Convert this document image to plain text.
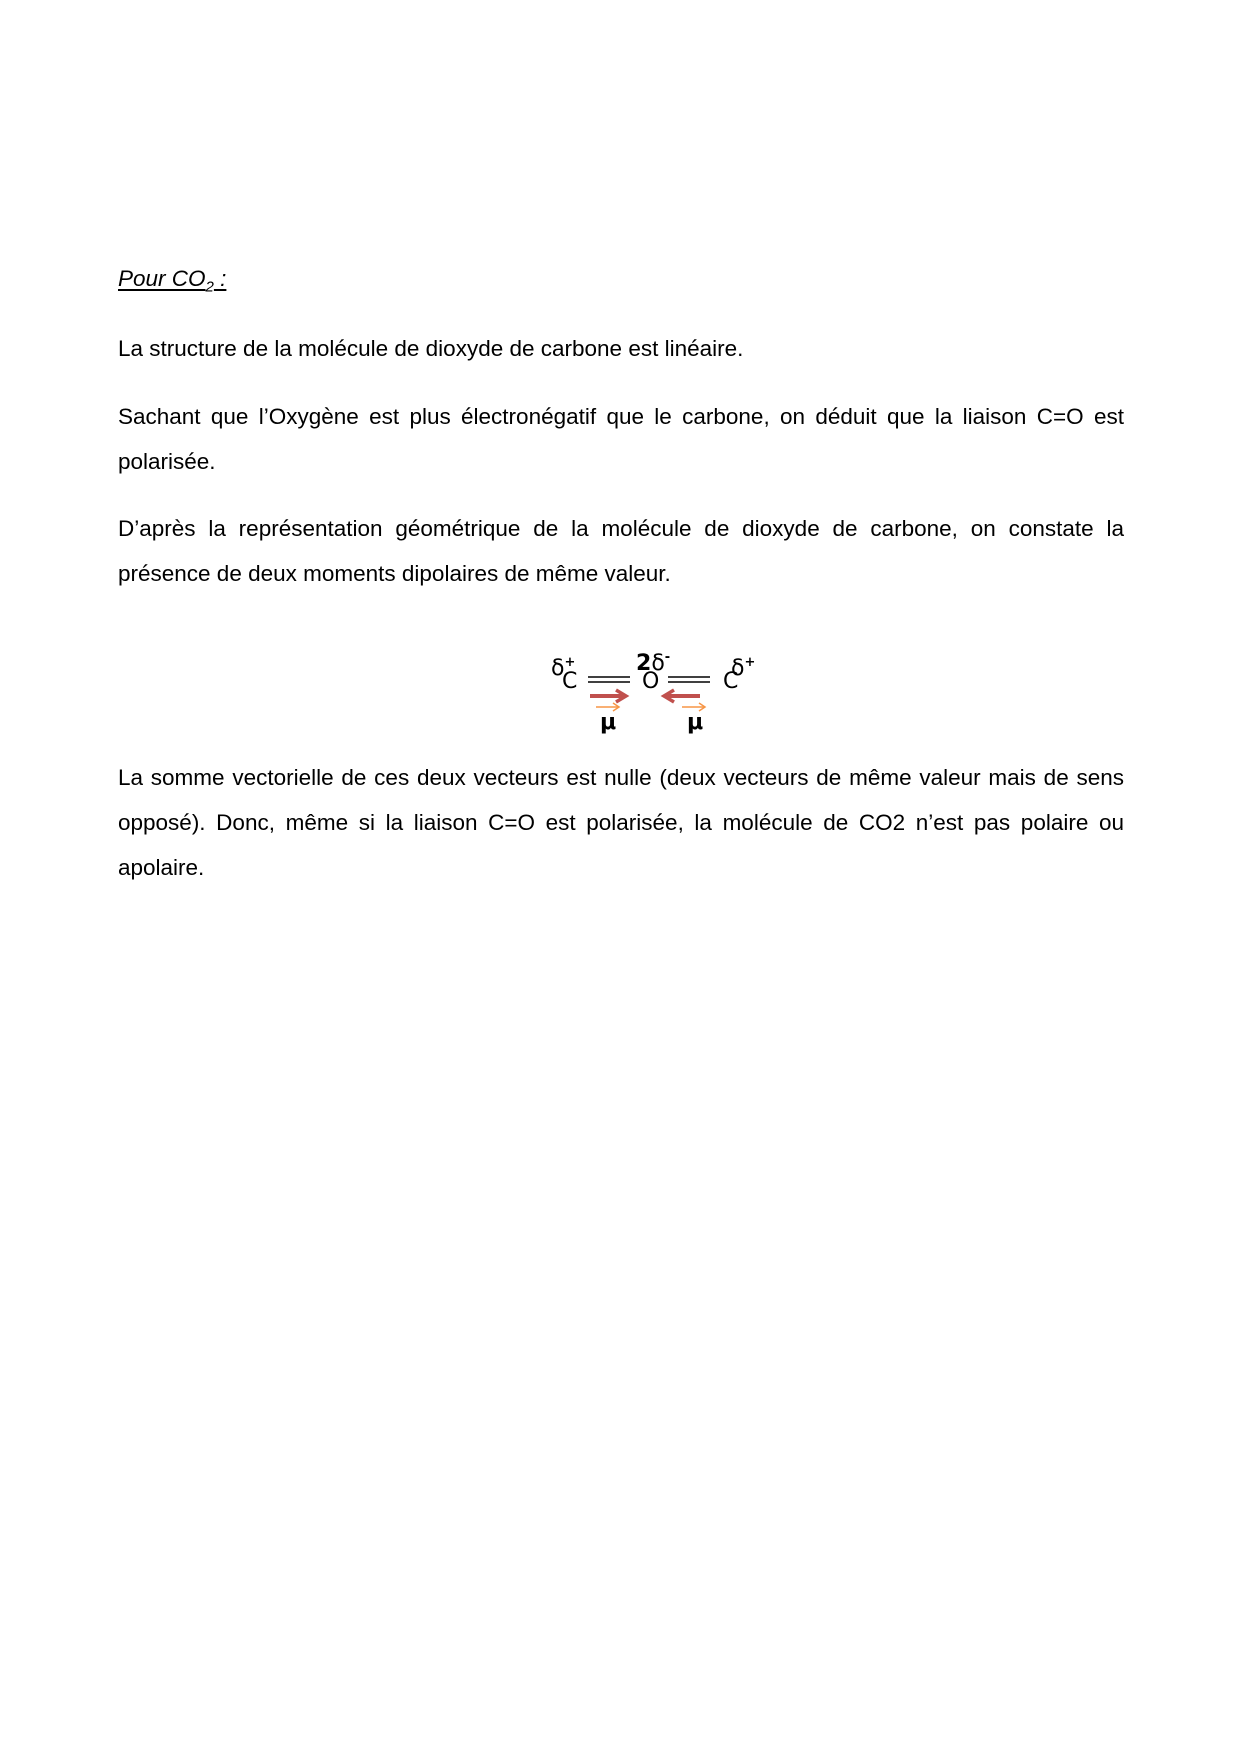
Pour $CO_2$ :
La structure de la molécule de dioxyde de carbone est linéaire.
Sachant que l’Oxygène est plus électronégatif que le carbone, on déduit que la liaison C=O est polarisée.
D’après la représentation géométrique de la molécule de dioxyde de carbone, on constate la présence de deux moments dipolaires de même valeur.
δ+
C
2δ-
O	C
δ+
μ	μ
La somme vectorielle de ces deux vecteurs est nulle (deux vecteurs de même valeur mais de sens opposé). Donc, même si la liaison C=O est polarisée, la molécule de CO2 n’est pas polaire ou apolaire.
